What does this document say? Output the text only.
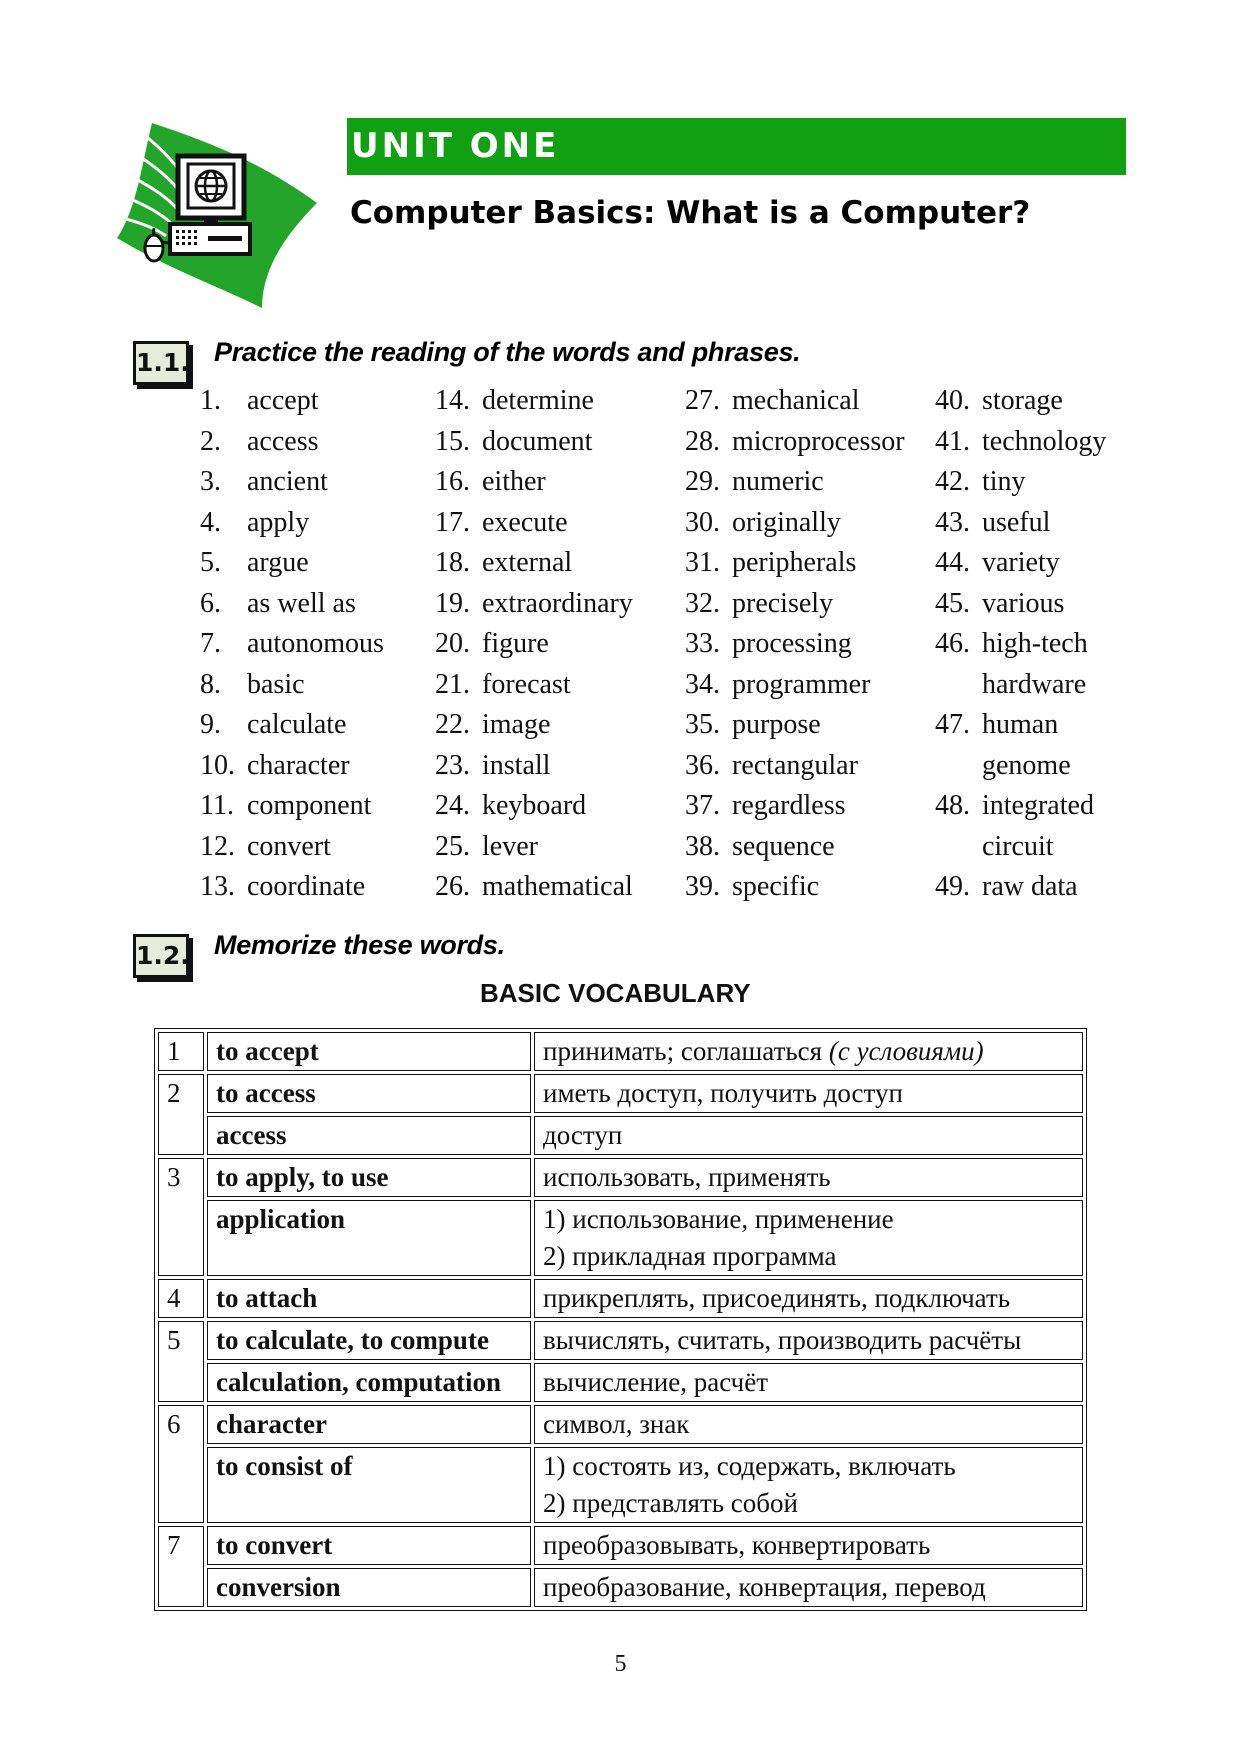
UNIT ONE
Computer Basics: What is a Computer?
1.1. Practice the reading of the words and phrases.
1. accept
2. access
3. ancient
4. apply
5. argue
6. as well as
7. autonomous
8. basic
9. calculate
10. character
11. component
12. convert
13. coordinate
14. determine
15. document
16. either
17. execute
18. external
19. extraordinary
20. figure
21. forecast
22. image
23. install
24. keyboard
25. lever
26. mathematical
27. mechanical
28. microprocessor
29. numeric
30. originally
31. peripherals
32. precisely
33. processing
34. programmer
35. purpose
36. rectangular
37. regardless
38. sequence
39. specific
40. storage
41. technology
42. tiny
43. useful
44. variety
45. various
46. high-tech
hardware
47. human
genome
48. integrated
circuit
49. raw data
1.2. Memorize these words.
BASIC VOCABULARY
1	to accept	принимать; соглашаться (с условиями)
2	to access	иметь доступ, получить доступ
	access	доступ
3	to apply, to use	использовать, применять
	application	1) использование, применение
2) прикладная программа

4	to attach	прикреплять, присоединять, подключать
5	to calculate, to compute	вычислять, считать, производить расчёты
	calculation, computation	вычисление, расчёт
6	character	символ, знак
	to consist of	1) состоять из, содержать, включать
2) представлять собой

7	to convert	преобразовывать, конвертировать
	conversion	преобразование, конвертация, перевод
5
